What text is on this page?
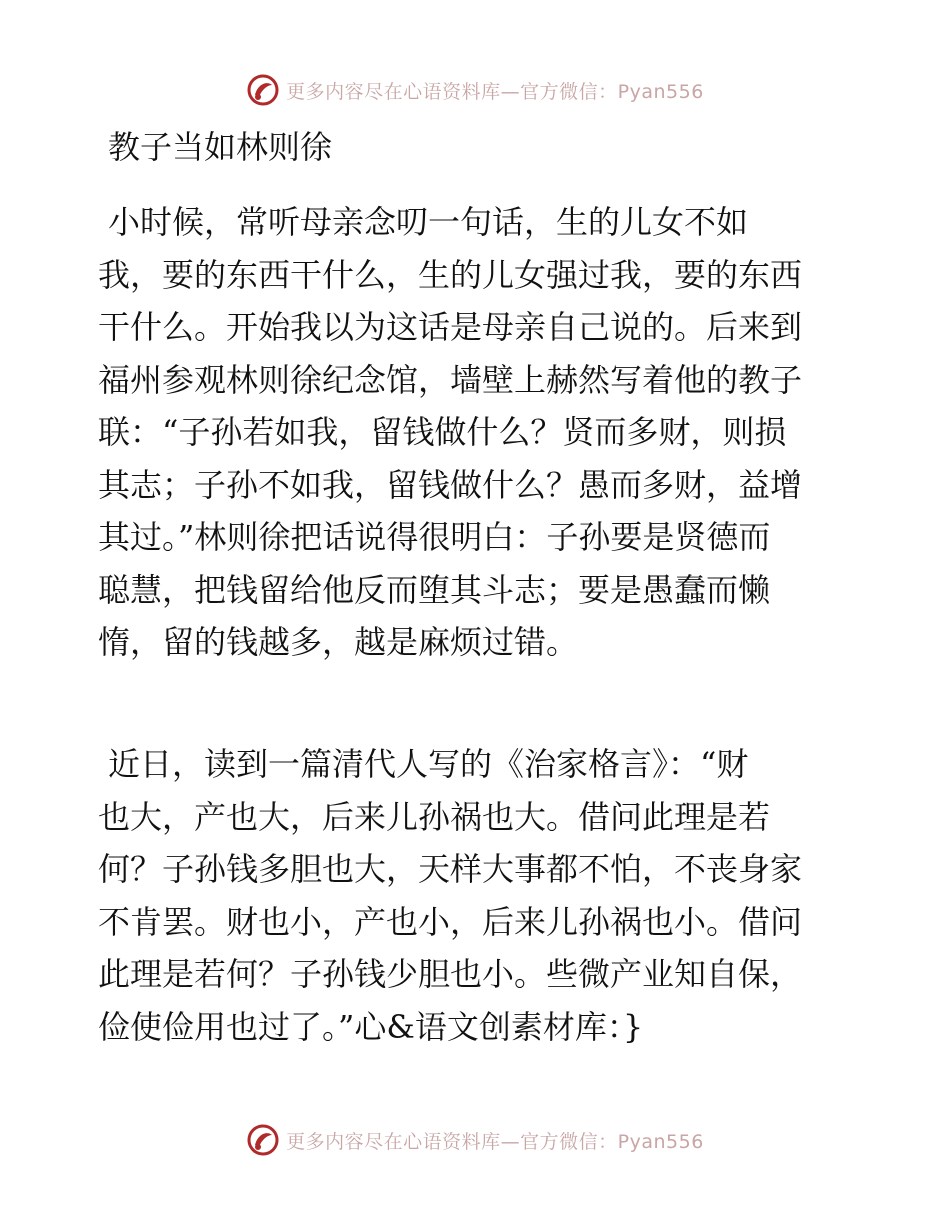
更多内容尽在心语资料库—官方微信：Pyan556
教子当如林则徐
小时候，常听母亲念叨一句话，生的儿女不如
我，要的东西干什么，生的儿女强过我，要的东西
干什么。开始我以为这话是母亲自己说的。后来到
福州参观林则徐纪念馆，墙壁上赫然写着他的教子
联：“子孙若如我，留钱做什么？贤而多财，则损
其志；子孙不如我，留钱做什么？愚而多财，益增
其过。”林则徐把话说得很明白：子孙要是贤德而
聪慧，把钱留给他反而堕其斗志；要是愚蠢而懒
惰，留的钱越多，越是麻烦过错。
近日，读到一篇清代人写的《治家格言》：“财
也大，产也大，后来儿孙祸也大。借问此理是若
何？子孙钱多胆也大，天样大事都不怕，不丧身家
不肯罢。财也小，产也小，后来儿孙祸也小。借问
此理是若何？子孙钱少胆也小。些微产业知自保，
俭使俭用也过了。”心&语文创素材库：}
更多内容尽在心语资料库—官方微信：Pyan556
